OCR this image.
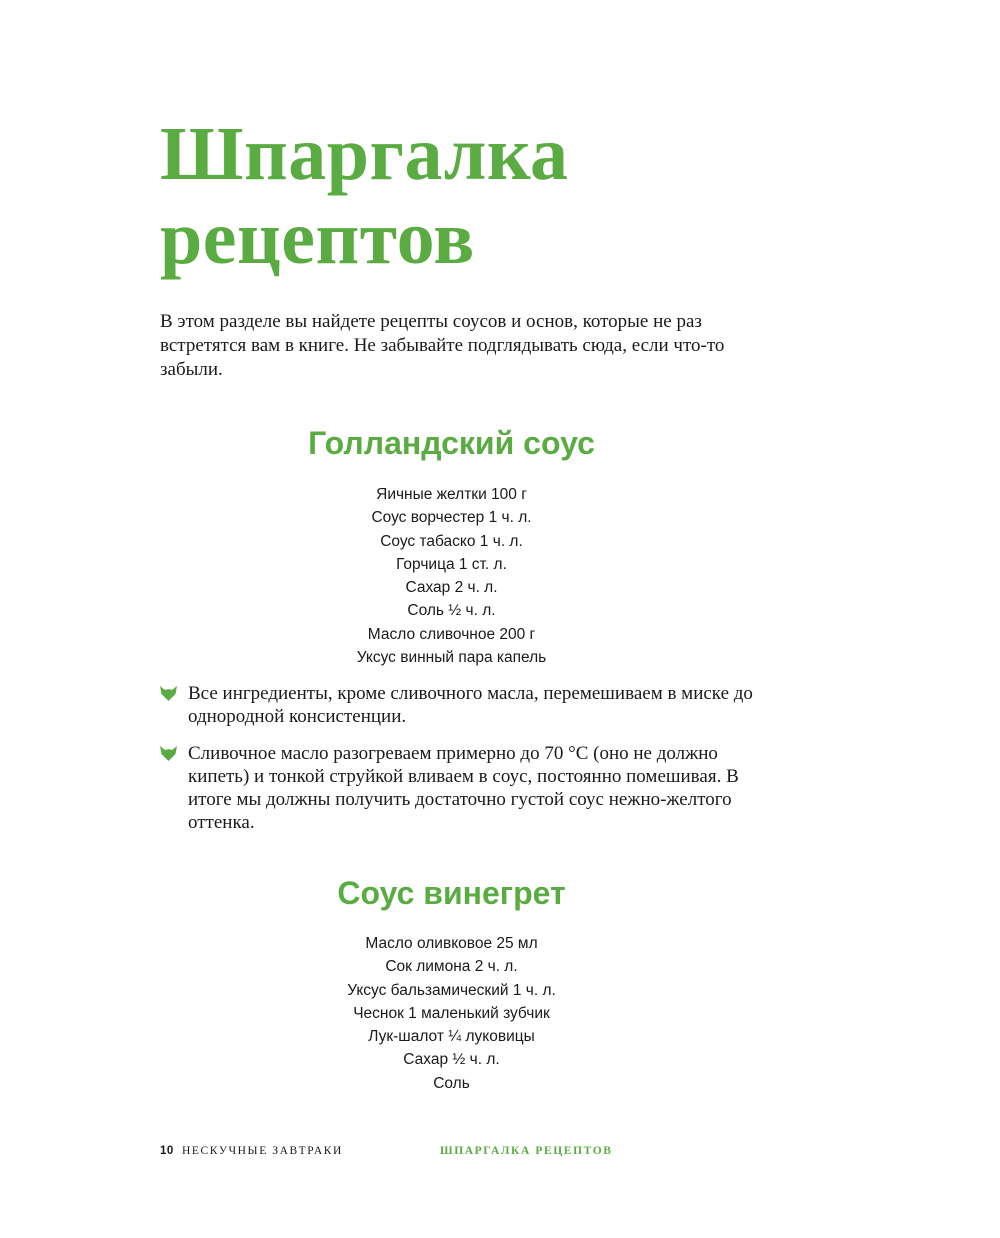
Шпаргалка
рецептов

В этом разделе вы найдете рецепты соусов и основ, которые не раз встретятся вам в книге. Не забывайте подглядывать сюда, если что-то забыли.

Голландский соус
Яичные желтки 100 г
Соус ворчестер 1 ч. л.
Соус табаско 1 ч. л.
Горчица 1 ст. л.
Сахар 2 ч. л.
Соль ½ ч. л.
Масло сливочное 200 г
Уксус винный пара капель
Все ингредиенты, кроме сливочного масла, перемешиваем в миске до однородной консистенции.
Сливочное масло разогреваем примерно до 70 °С (оно не должно кипеть) и тонкой струйкой вливаем в соус, постоянно помешивая. В итоге мы должны получить достаточно густой соус нежно-желтого оттенка.
Соус винегрет
Масло оливковое 25 мл
Сок лимона 2 ч. л.
Уксус бальзамический 1 ч. л.
Чеснок 1 маленький зубчик
Лук-шалот ¼ луковицы
Сахар ½ ч. л.
Соль
10 НЕСКУЧНЫЕ ЗАВТРАКИ	ШПАРГАЛКА РЕЦЕПТОВ
